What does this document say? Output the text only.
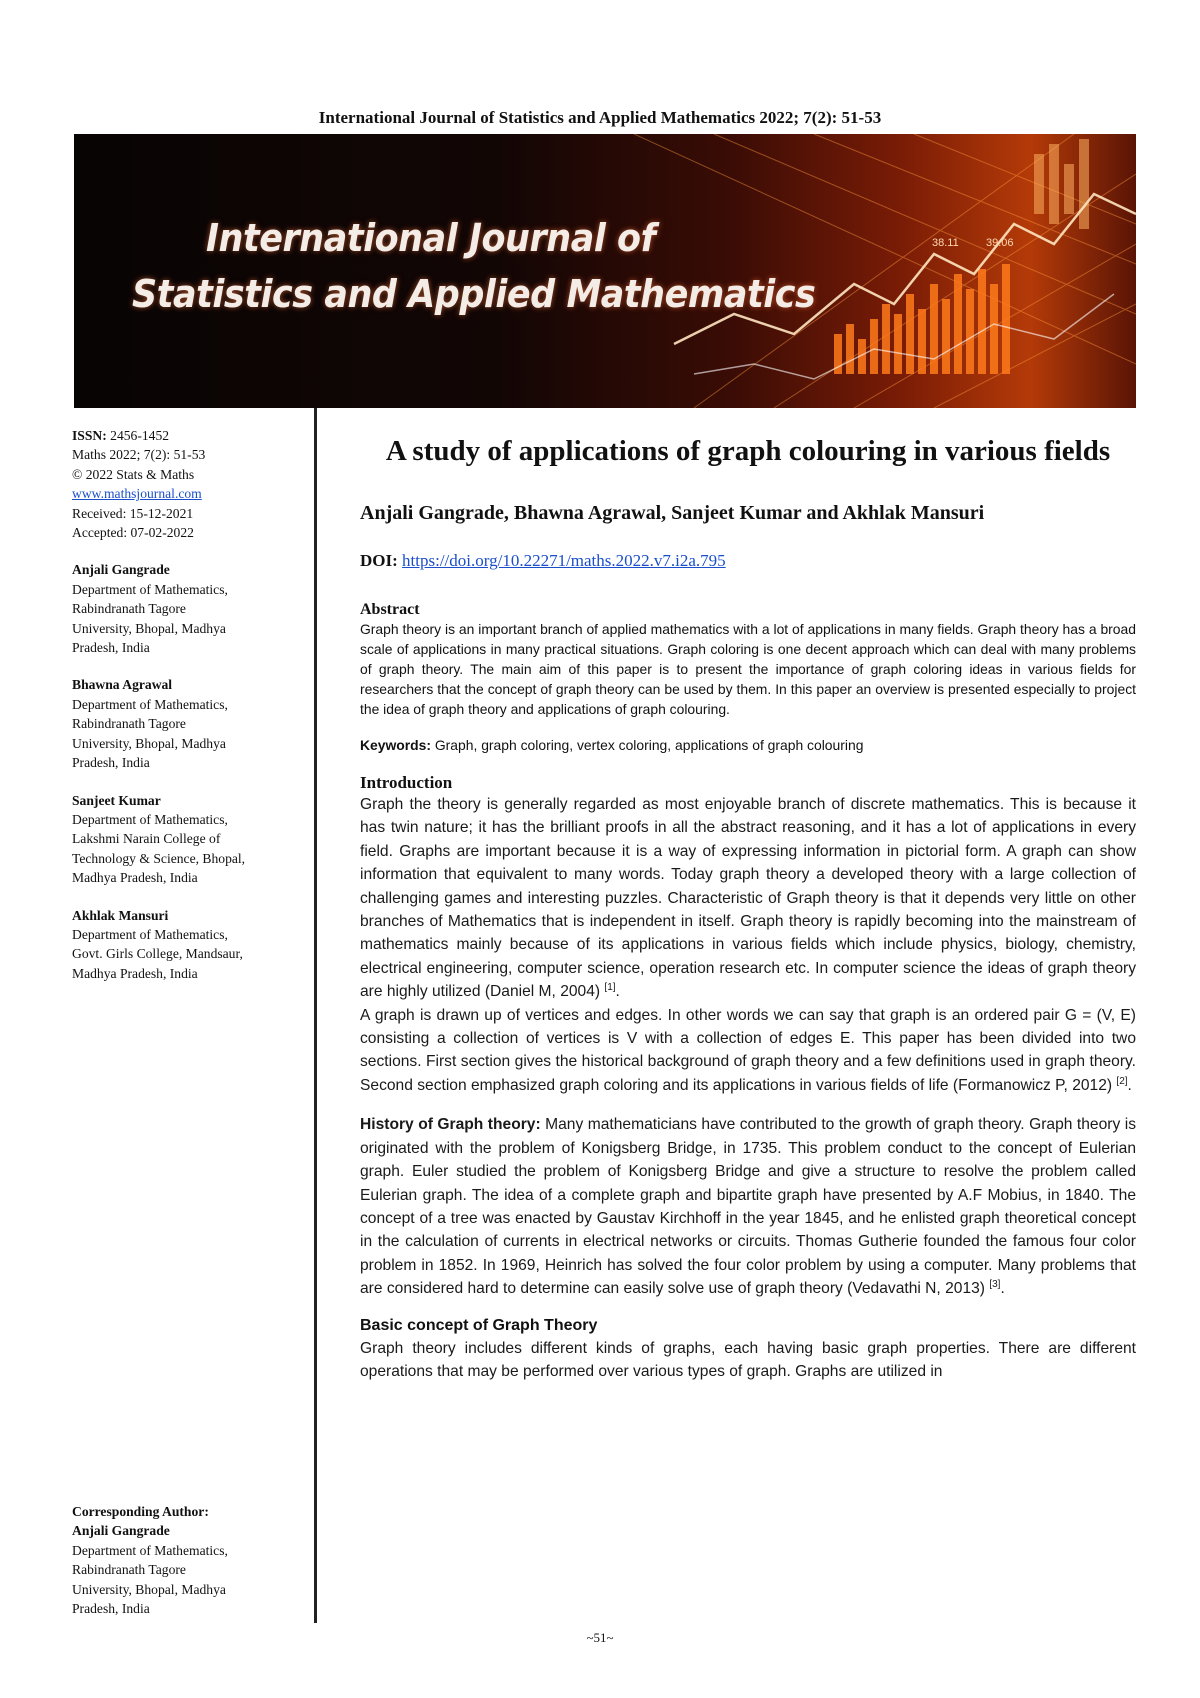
International Journal of Statistics and Applied Mathematics 2022; 7(2): 51-53
38.11 39.06
International Journal of
Statistics and Applied Mathematics
ISSN: 2456-1452
Maths 2022; 7(2): 51-53
© 2022 Stats & Maths
www.mathsjournal.com
Received: 15-12-2021
Accepted: 07-02-2022
Anjali Gangrade
Department of Mathematics,
Rabindranath Tagore
University, Bhopal, Madhya
Pradesh, India
Bhawna Agrawal
Department of Mathematics,
Rabindranath Tagore
University, Bhopal, Madhya
Pradesh, India
Sanjeet Kumar
Department of Mathematics,
Lakshmi Narain College of
Technology & Science, Bhopal,
Madhya Pradesh, India
Akhlak Mansuri
Department of Mathematics,
Govt. Girls College, Mandsaur,
Madhya Pradesh, India
Corresponding Author:
Anjali Gangrade
Department of Mathematics,
Rabindranath Tagore
University, Bhopal, Madhya
Pradesh, India
A study of applications of graph colouring in various fields
Anjali Gangrade, Bhawna Agrawal, Sanjeet Kumar and Akhlak Mansuri
DOI: https://doi.org/10.22271/maths.2022.v7.i2a.795
Abstract

Graph theory is an important branch of applied mathematics with a lot of applications in many fields. Graph theory has a broad scale of applications in many practical situations. Graph coloring is one decent approach which can deal with many problems of graph theory. The main aim of this paper is to present the importance of graph coloring ideas in various fields for researchers that the concept of graph theory can be used by them. In this paper an overview is presented especially to project the idea of graph theory and applications of graph colouring.

Keywords: Graph, graph coloring, vertex coloring, applications of graph colouring

Introduction

Graph the theory is generally regarded as most enjoyable branch of discrete mathematics. This is because it has twin nature; it has the brilliant proofs in all the abstract reasoning, and it has a lot of applications in every field. Graphs are important because it is a way of expressing information in pictorial form. A graph can show information that equivalent to many words. Today graph theory a developed theory with a large collection of challenging games and interesting puzzles. Characteristic of Graph theory is that it depends very little on other branches of Mathematics that is independent in itself. Graph theory is rapidly becoming into the mainstream of mathematics mainly because of its applications in various fields which include physics, biology, chemistry, electrical engineering, computer science, operation research etc. In computer science the ideas of graph theory are highly utilized (Daniel M, 2004) [1].

A graph is drawn up of vertices and edges. In other words we can say that graph is an ordered pair G = (V, E) consisting a collection of vertices is V with a collection of edges E. This paper has been divided into two sections. First section gives the historical background of graph theory and a few definitions used in graph theory. Second section emphasized graph coloring and its applications in various fields of life (Formanowicz P, 2012) [2].

History of Graph theory: Many mathematicians have contributed to the growth of graph theory. Graph theory is originated with the problem of Konigsberg Bridge, in 1735. This problem conduct to the concept of Eulerian graph. Euler studied the problem of Konigsberg Bridge and give a structure to resolve the problem called Eulerian graph. The idea of a complete graph and bipartite graph have presented by A.F Mobius, in 1840. The concept of a tree was enacted by Gaustav Kirchhoff in the year 1845, and he enlisted graph theoretical concept in the calculation of currents in electrical networks or circuits. Thomas Gutherie founded the famous four color problem in 1852. In 1969, Heinrich has solved the four color problem by using a computer. Many problems that are considered hard to determine can easily solve use of graph theory (Vedavathi N, 2013) [3].

Basic concept of Graph Theory

Graph theory includes different kinds of graphs, each having basic graph properties. There are different operations that may be performed over various types of graph. Graphs are utilized in

~51~
